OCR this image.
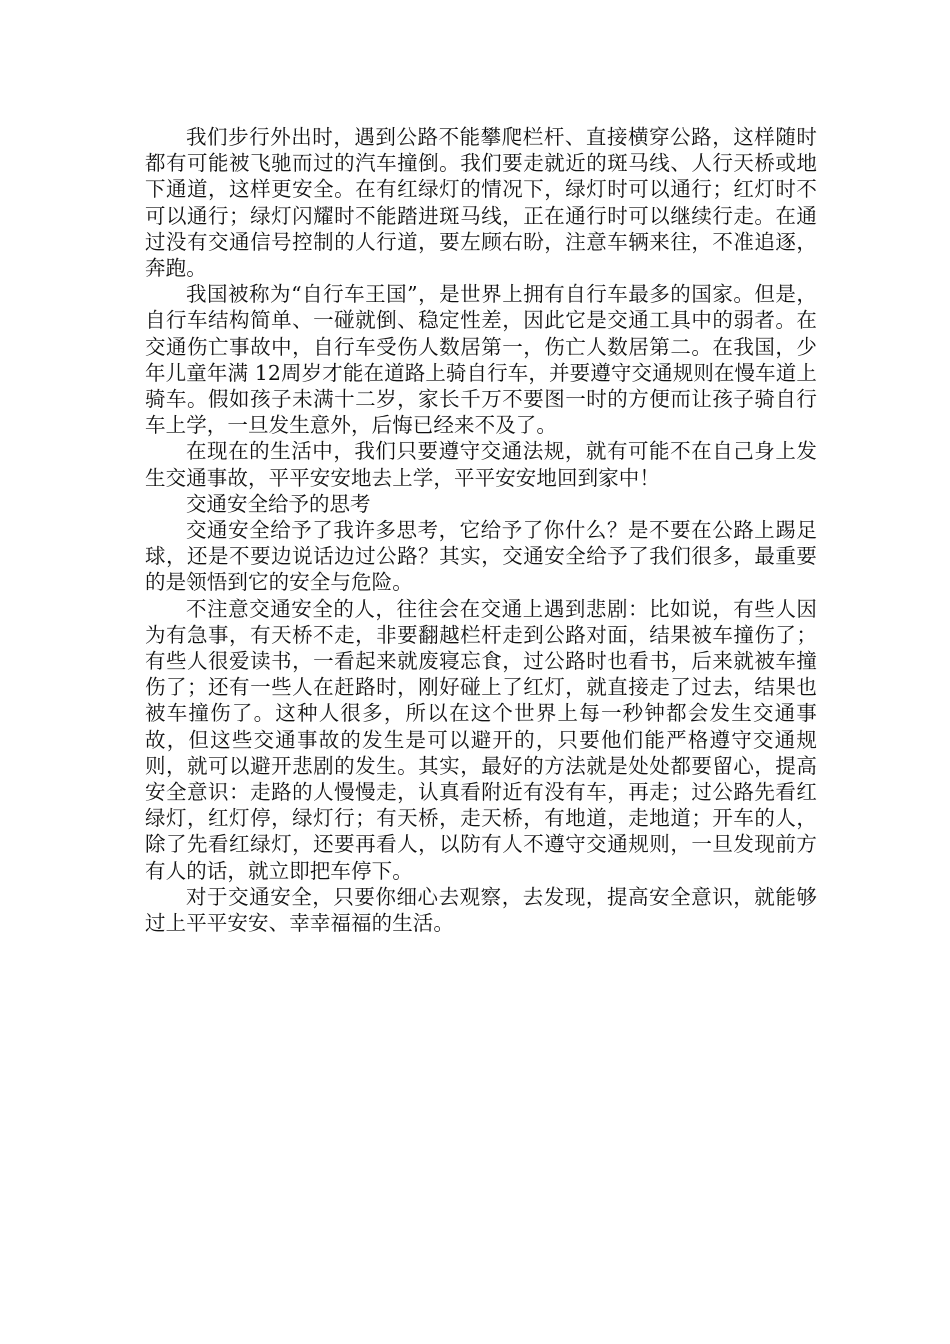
我们步行外出时，遇到公路不能攀爬栏杆、直接横穿公路，这样随时都有可能被飞驰而过的汽车撞倒。我们要走就近的斑马线、人行天桥或地下通道，这样更安全。在有红绿灯的情况下，绿灯时可以通行；红灯时不可以通行；绿灯闪耀时不能踏进斑马线，正在通行时可以继续行走。在通过没有交通信号控制的人行道，要左顾右盼，注意车辆来往，不准追逐，奔跑。

我国被称为“自行车王国”，是世界上拥有自行车最多的国家。但是，自行车结构简单、一碰就倒、稳定性差，因此它是交通工具中的弱者。在交通伤亡事故中，自行车受伤人数居第一，伤亡人数居第二。在我国，少年儿童年满 12周岁才能在道路上骑自行车，并要遵守交通规则在慢车道上骑车。假如孩子未满十二岁，家长千万不要图一时的方便而让孩子骑自行车上学，一旦发生意外，后悔已经来不及了。

在现在的生活中，我们只要遵守交通法规，就有可能不在自己身上发生交通事故，平平安安地去上学，平平安安地回到家中！

交通安全给予的思考

交通安全给予了我许多思考，它给予了你什么？是不要在公路上踢足球，还是不要边说话边过公路？其实，交通安全给予了我们很多，最重要的是领悟到它的安全与危险。

不注意交通安全的人，往往会在交通上遇到悲剧：比如说，有些人因为有急事，有天桥不走，非要翻越栏杆走到公路对面，结果被车撞伤了；有些人很爱读书，一看起来就废寝忘食，过公路时也看书，后来就被车撞伤了；还有一些人在赶路时，刚好碰上了红灯，就直接走了过去，结果也被车撞伤了。这种人很多，所以在这个世界上每一秒钟都会发生交通事故，但这些交通事故的发生是可以避开的，只要他们能严格遵守交通规则，就可以避开悲剧的发生。其实，最好的方法就是处处都要留心，提高安全意识：走路的人慢慢走，认真看附近有没有车，再走；过公路先看红绿灯，红灯停，绿灯行；有天桥，走天桥，有地道，走地道；开车的人，除了先看红绿灯，还要再看人，以防有人不遵守交通规则，一旦发现前方有人的话，就立即把车停下。

对于交通安全，只要你细心去观察，去发现，提高安全意识，就能够过上平平安安、幸幸福福的生活。
